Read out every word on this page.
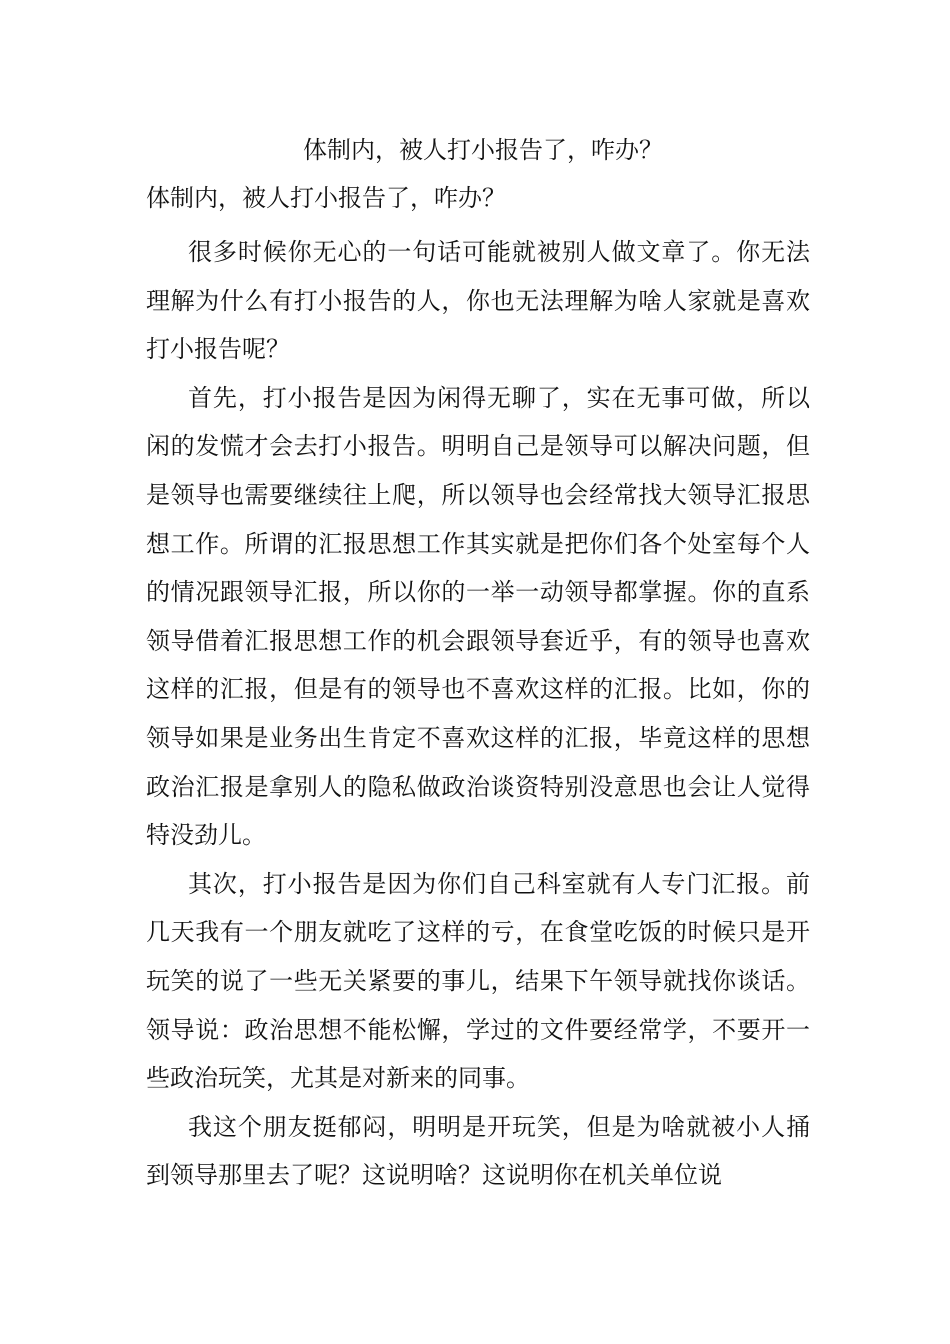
体制内，被人打小报告了，咋办？
体制内，被人打小报告了，咋办？

很多时候你无心的一句话可能就被别人做文章了。你无法理解为什么有打小报告的人，你也无法理解为啥人家就是喜欢打小报告呢？

首先，打小报告是因为闲得无聊了，实在无事可做，所以闲的发慌才会去打小报告。明明自己是领导可以解决问题，但是领导也需要继续往上爬，所以领导也会经常找大领导汇报思想工作。所谓的汇报思想工作其实就是把你们各个处室每个人的情况跟领导汇报，所以你的一举一动领导都掌握。你的直系领导借着汇报思想工作的机会跟领导套近乎，有的领导也喜欢这样的汇报，但是有的领导也不喜欢这样的汇报。比如，你的领导如果是业务出生肯定不喜欢这样的汇报，毕竟这样的思想政治汇报是拿别人的隐私做政治谈资特别没意思也会让人觉得特没劲儿。

其次，打小报告是因为你们自己科室就有人专门汇报。前几天我有一个朋友就吃了这样的亏，在食堂吃饭的时候只是开玩笑的说了一些无关紧要的事儿，结果下午领导就找你谈话。领导说：政治思想不能松懈，学过的文件要经常学，不要开一些政治玩笑，尤其是对新来的同事。

我这个朋友挺郁闷，明明是开玩笑，但是为啥就被小人捅到领导那里去了呢？这说明啥？这说明你在机关单位说
